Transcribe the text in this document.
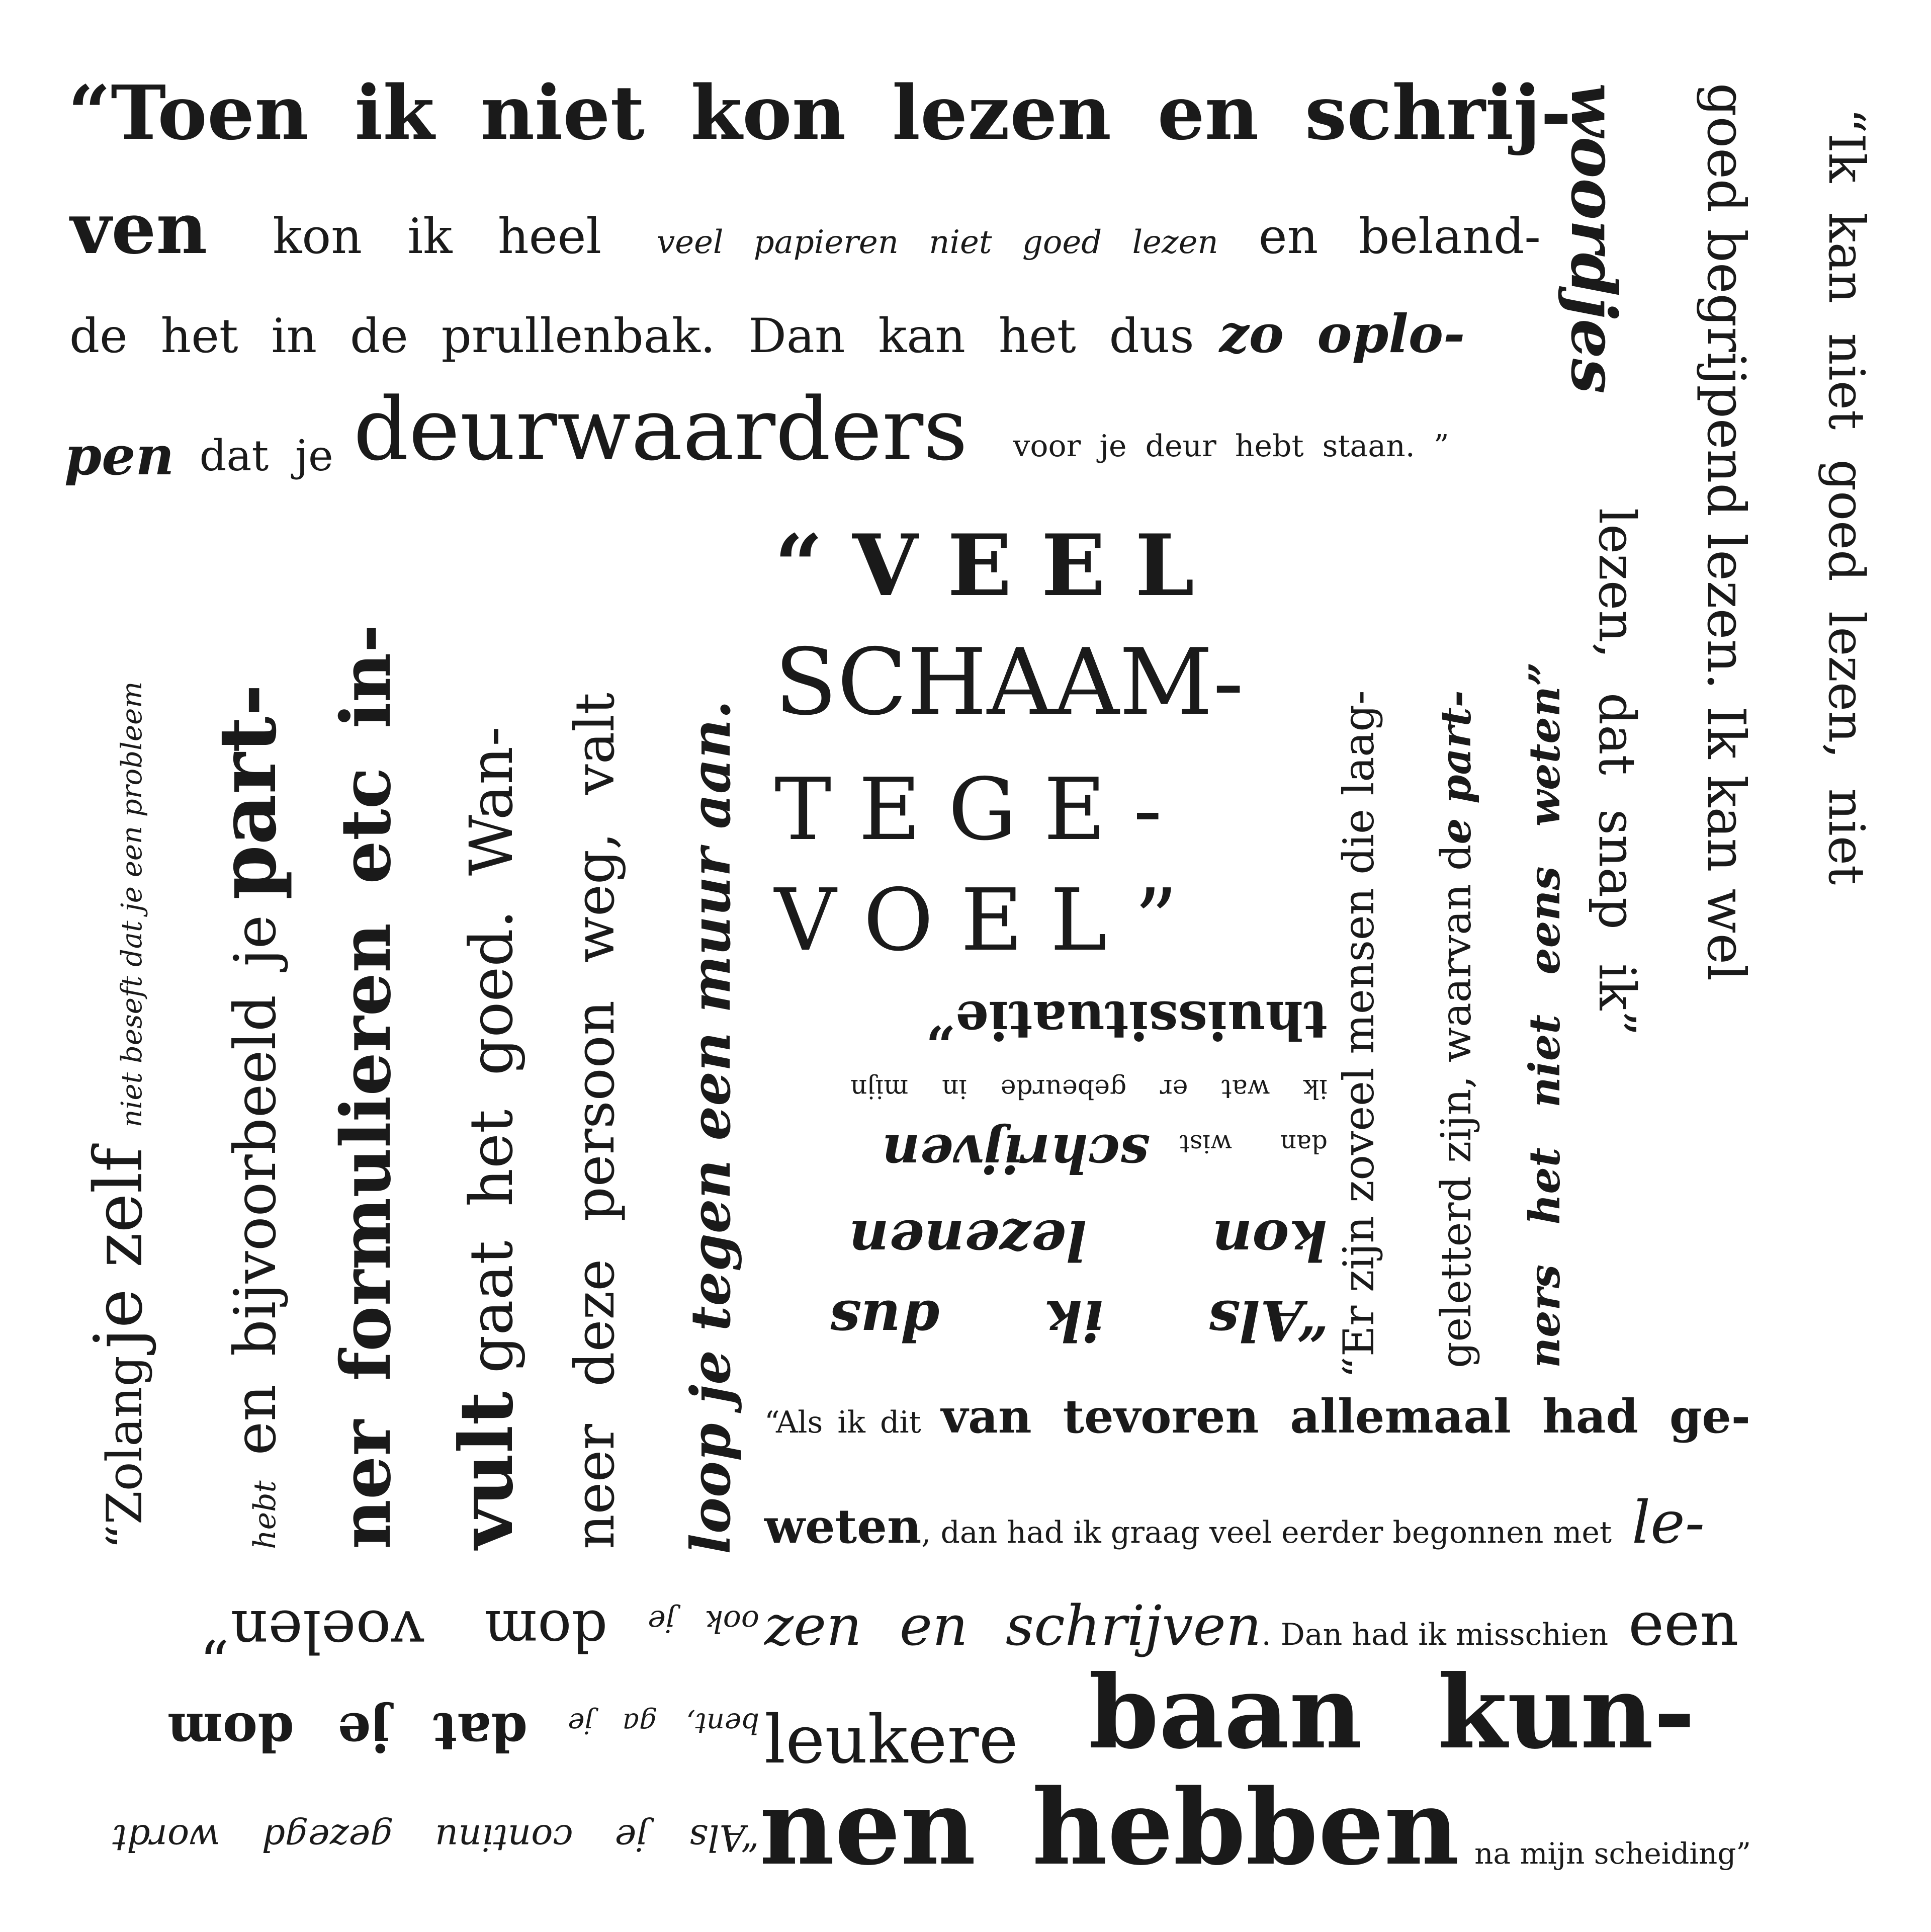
“Toen ik niet kon lezen en schrij-
ven kon ik heel veel papieren niet goed lezen en beland-
de het in de prullenbak. Dan kan het dus zo oplo-
pen dat je deurwaarders voor je deur hebt staan. ”
woordjes goed begrijpend lezen. Ik kan wel “Ik kan niet goed lezen, niet
lezen, dat snap ik”
“Zolangje zelfniet beseft dat je een probleem
hebten bijvoorbeeld jepart- ner formulieren etc in- vultgaat het goed. Wan- neer deze persoon weg, valt loop je tegen een muur aan.
“ V E E L
SCHAAM-
T E G E -
V O E L ”
“Als ik dus
kon lezenen
dan wistschrijven
ik wat er gebeurde in mijn
thuissituatie” “Er zijn zoveel mensen die laag- geletterd zijn, waarvan de part- ners het niet eens weten”
“Als ik dit van tevoren allemaal had ge-
weten, dan had ik graag veel eerder begonnen met le-
zen en schrijven. Dan had ik misschien een
leukere baan kun-
nen hebben na mijn scheiding”
“Als je continu gezegd wordt
bent, ga jedat je dom
ook jedomvoelen”
